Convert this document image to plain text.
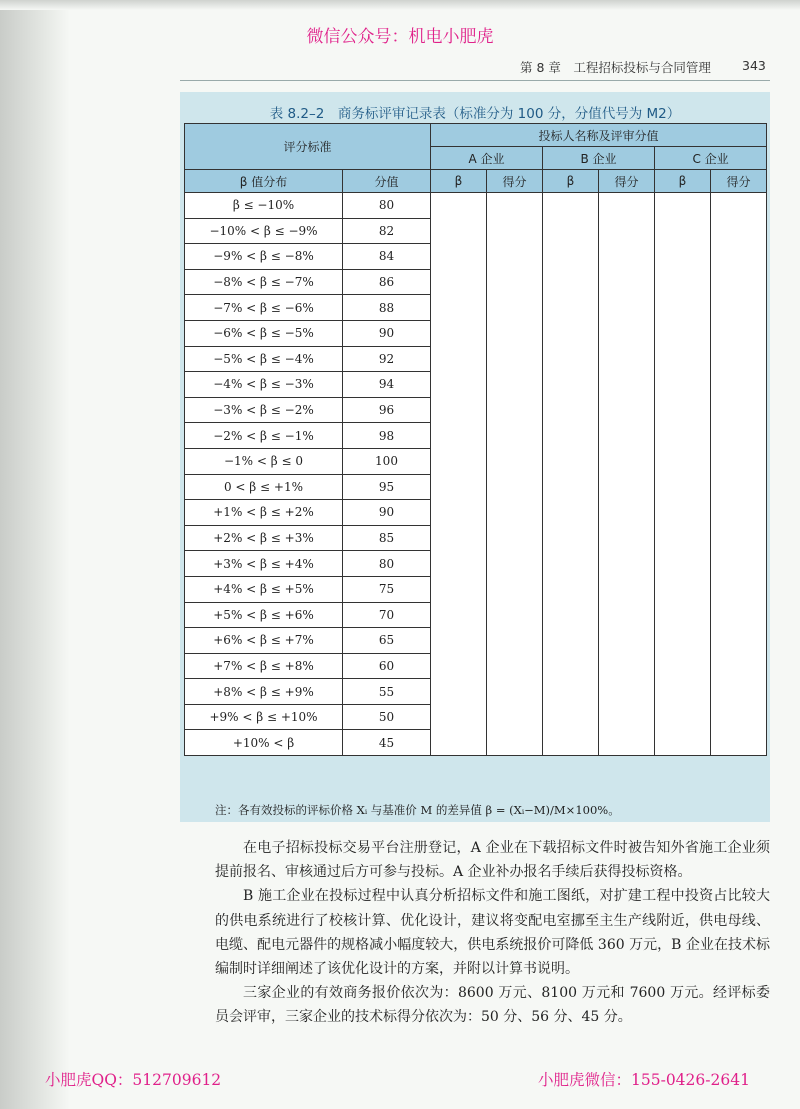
微信公众号：机电小肥虎
第 8 章　工程招标投标与合同管理 343
表 8.2–2　商务标评审记录表（标准分为 100 分，分值代号为 M2）
评分标准		投标人名称及评审分值					
		A 企业		B 企业		C 企业	
β 值分布	分值	β	得分	β	得分	β	得分
β ≤ −10%	80						
−10% < β ≤ −9%	82						
−9% < β ≤ −8%	84						
−8% < β ≤ −7%	86						
−7% < β ≤ −6%	88						
−6% < β ≤ −5%	90						
−5% < β ≤ −4%	92						
−4% < β ≤ −3%	94						
−3% < β ≤ −2%	96						
−2% < β ≤ −1%	98						
−1% < β ≤ 0	100						
0 < β ≤ +1%	95						
+1% < β ≤ +2%	90						
+2% < β ≤ +3%	85						
+3% < β ≤ +4%	80						
+4% < β ≤ +5%	75						
+5% < β ≤ +6%	70						
+6% < β ≤ +7%	65						
+7% < β ≤ +8%	60						
+8% < β ≤ +9%	55						
+9% < β ≤ +10%	50						
+10% < β	45						
注：各有效投标的评标价格 Xᵢ 与基准价 M 的差异值 β = (Xᵢ−M)/M×100%。

在电子招标投标交易平台注册登记，A 企业在下载招标文件时被告知外省施工企业须提前报名、审核通过后方可参与投标。A 企业补办报名手续后获得投标资格。

B 施工企业在投标过程中认真分析招标文件和施工图纸，对扩建工程中投资占比较大的供电系统进行了校核计算、优化设计，建议将变配电室挪至主生产线附近，供电母线、电缆、配电元器件的规格减小幅度较大，供电系统报价可降低 360 万元，B 企业在技术标编制时详细阐述了该优化设计的方案，并附以计算书说明。

三家企业的有效商务报价依次为：8600 万元、8100 万元和 7600 万元。经评标委员会评审，三家企业的技术标得分依次为：50 分、56 分、45 分。

小肥虎QQ：512709612	小肥虎微信：155-0426-2641
